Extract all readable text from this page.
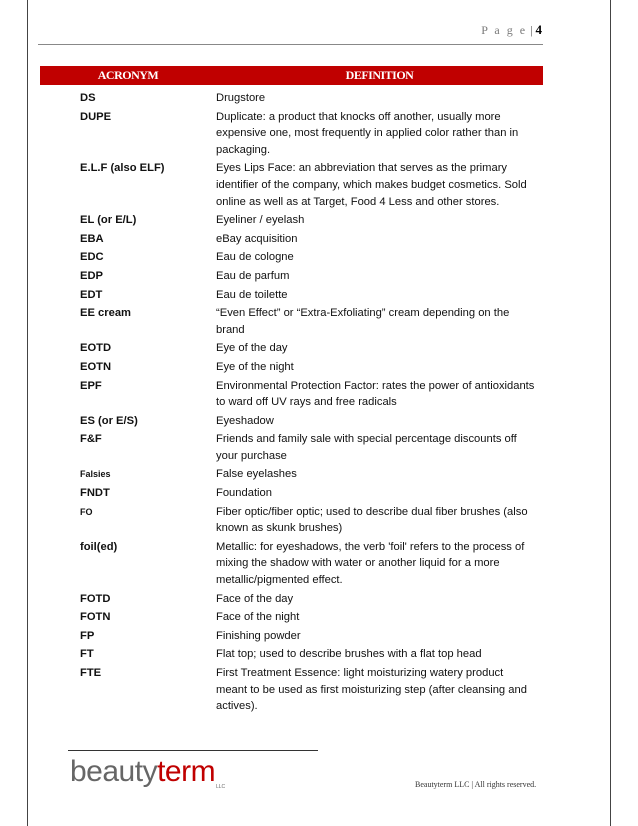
P a g e | 4
ACRONYM	DEFINITION
DS	Drugstore
DUPE	Duplicate: a product that knocks off another, usually more expensive one, most frequently in applied color rather than in packaging.
E.L.F (also ELF)	Eyes Lips Face: an abbreviation that serves as the primary identifier of the company, which makes budget cosmetics. Sold online as well as at Target, Food 4 Less and other stores.
EL (or E/L)	Eyeliner / eyelash
EBA	eBay acquisition
EDC	Eau de cologne
EDP	Eau de parfum
EDT	Eau de toilette
EE cream	“Even Effect” or “Extra-Exfoliating” cream depending on the brand
EOTD	Eye of the day
EOTN	Eye of the night
EPF	Environmental Protection Factor: rates the power of antioxidants to ward off UV rays and free radicals
ES (or E/S)	Eyeshadow
F&F	Friends and family sale with special percentage discounts off your purchase
Falsies	False eyelashes
FNDT	Foundation
FO	Fiber optic/fiber optic; used to describe dual fiber brushes (also known as skunk brushes)
foil(ed)	Metallic: for eyeshadows, the verb 'foil' refers to the process of mixing the shadow with water or another liquid for a more metallic/pigmented effect.
FOTD	Face of the day
FOTN	Face of the night
FP	Finishing powder
FT	Flat top; used to describe brushes with a flat top head
FTE	First Treatment Essence: light moisturizing watery product meant to be used as first moisturizing step (after cleansing and actives).
beautyterm LLC	Beautyterm LLC | All rights reserved.
